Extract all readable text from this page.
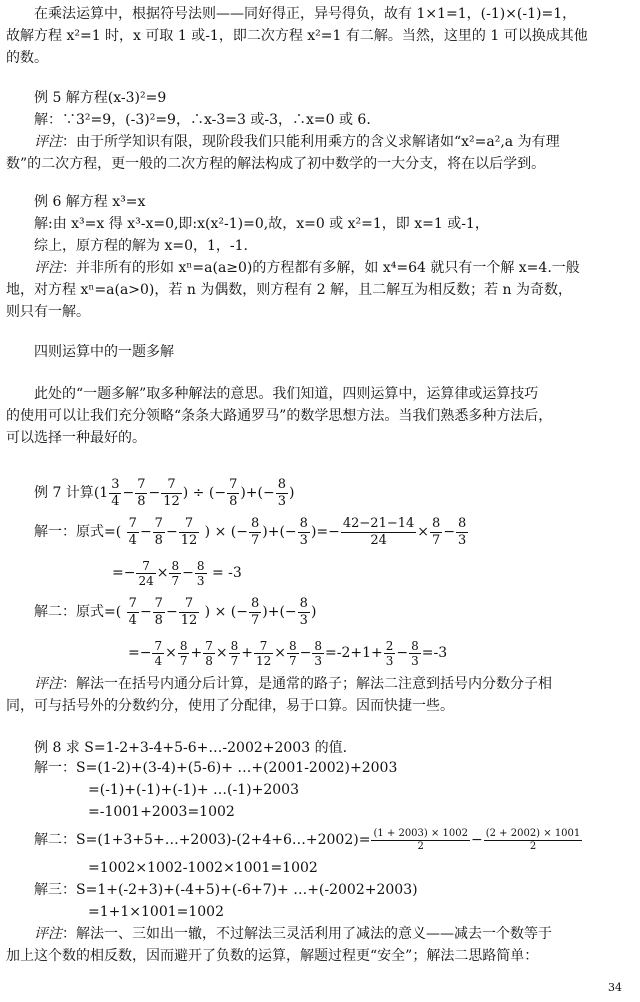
在乘法运算中，根据符号法则——同好得正，异号得负，故有 1×1=1，(-1)×(-1)=1，
故解方程 x²=1 时，x 可取 1 或-1，即二次方程 x²=1 有二解。当然，这里的 1 可以换成其他
的数。
例 5 解方程(x-3)²=9
解：∵3²=9，(-3)²=9，∴x-3=3 或-3，∴x=0 或 6.
评注：由于所学知识有限，现阶段我们只能利用乘方的含义求解诸如“x²=a²,a 为有理
数”的二次方程，更一般的二次方程的解法构成了初中数学的一大分支，将在以后学到。
例 6 解方程 x³=x
解:由 x³=x 得 x³-x=0,即:x(x²-1)=0,故，x=0 或 x²=1，即 x=1 或-1，
综上，原方程的解为 x=0，1，-1.
评注：并非所有的形如 xⁿ=a(a≥0)的方程都有多解，如 x⁴=64 就只有一个解 x=4.一般
地，对方程 xⁿ=a(a>0)，若 n 为偶数，则方程有 2 解，且二解互为相反数；若 n 为奇数，
则只有一解。
四则运算中的一题多解
此处的“一题多解”取多种解法的意思。我们知道，四则运算中，运算律或运算技巧
的使用可以让我们充分领略“条条大路通罗马”的数学思想方法。当我们熟悉多种方法后，
可以选择一种最好的。
例 7 计算($1 \frac{3}{4} - \frac{7}{8} - \frac{7}{12}$ ) ÷ (− $\frac{7}{8}$ )+(− $\frac{8}{3}$ )
解一：原式=( $\frac{7}{4} - \frac{7}{8} - \frac{7}{12}$ ) × (− $\frac{8}{7}$ )+(− $\frac{8}{3}$ )=− $\frac{42-21-14}{24} \times \frac{8}{7} - \frac{8}{3}$
=− $\frac{7}{24} \times \frac{8}{7} - \frac{8}{3} = -3$
解二：原式=( $\frac{7}{4} - \frac{7}{8} - \frac{7}{12}$ ) × (− $\frac{8}{7}$ )+(− $\frac{8}{3}$ )
=− $\frac{7}{4} \times \frac{8}{7} + \frac{7}{8} \times \frac{8}{7} + \frac{7}{12} \times \frac{8}{7} - \frac{8}{3} =-2+1+ \frac{2}{3} - \frac{8}{3} =-3$
评注：解法一在括号内通分后计算，是通常的路子；解法二注意到括号内分数分子相
同，可与括号外的分数约分，使用了分配律，易于口算。因而快捷一些。
例 8 求 S=1-2+3-4+5-6+…-2002+2003 的值.
解一：S=(1-2)+(3-4)+(5-6)+ …+(2001-2002)+2003
=(-1)+(-1)+(-1)+ …(-1)+2003
=-1001+2003=1002
解二：S=(1+3+5+…+2003)-(2+4+6…+2002)= $\frac{(1 + 2003) \times 1002}{2} - \frac{(2 + 2002) \times 1001}{2}$
=1002×1002-1002×1001=1002
解三：S=1+(-2+3)+(-4+5)+(-6+7)+ …+(-2002+2003)
=1+1×1001=1002
评注：解法一、三如出一辙，不过解法三灵活利用了减法的意义——减去一个数等于
加上这个数的相反数，因而避开了负数的运算，解题过程更“安全”；解法二思路简单：
34
